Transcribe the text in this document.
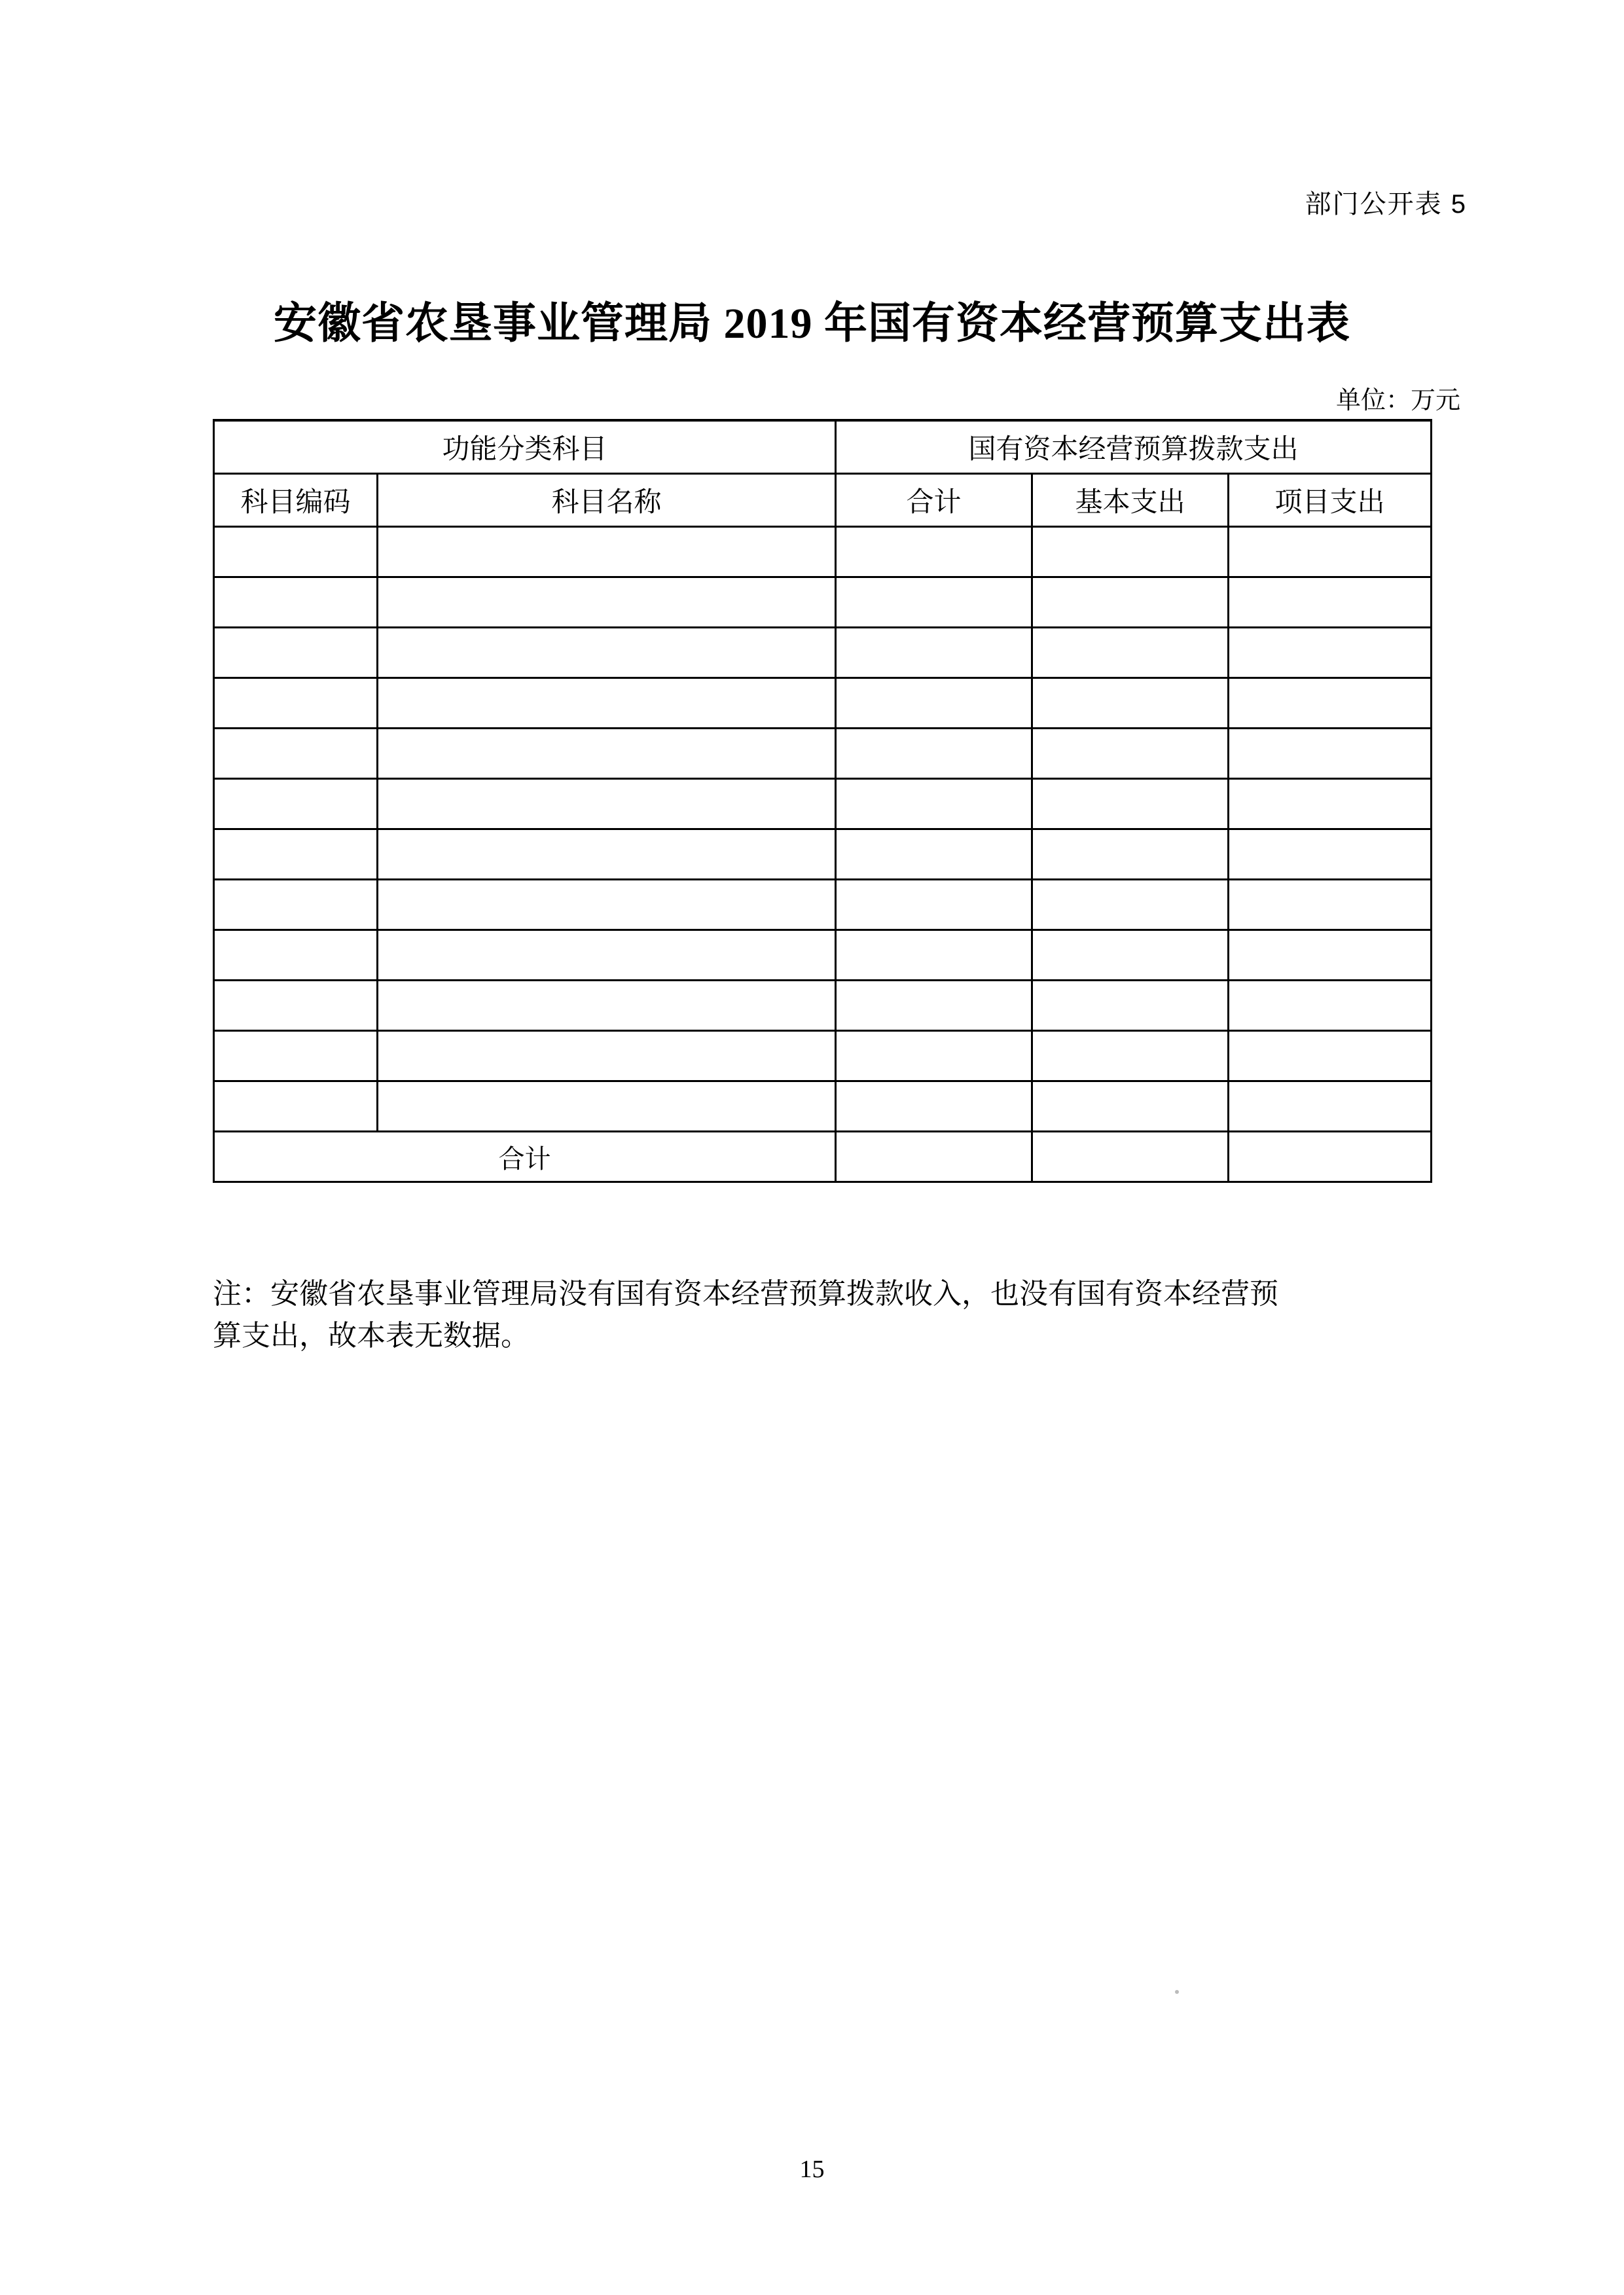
部门公开表 5
安徽省农垦事业管理局 2019 年国有资本经营预算支出表
单位：万元
功能分类科目		国有资本经营预算拨款支出		
科目编码	科目名称	合计	基本支出	项目支出

合计				
注：安徽省农垦事业管理局没有国有资本经营预算拨款收入，也没有国有资本经营预
算支出，故本表无数据。
15
